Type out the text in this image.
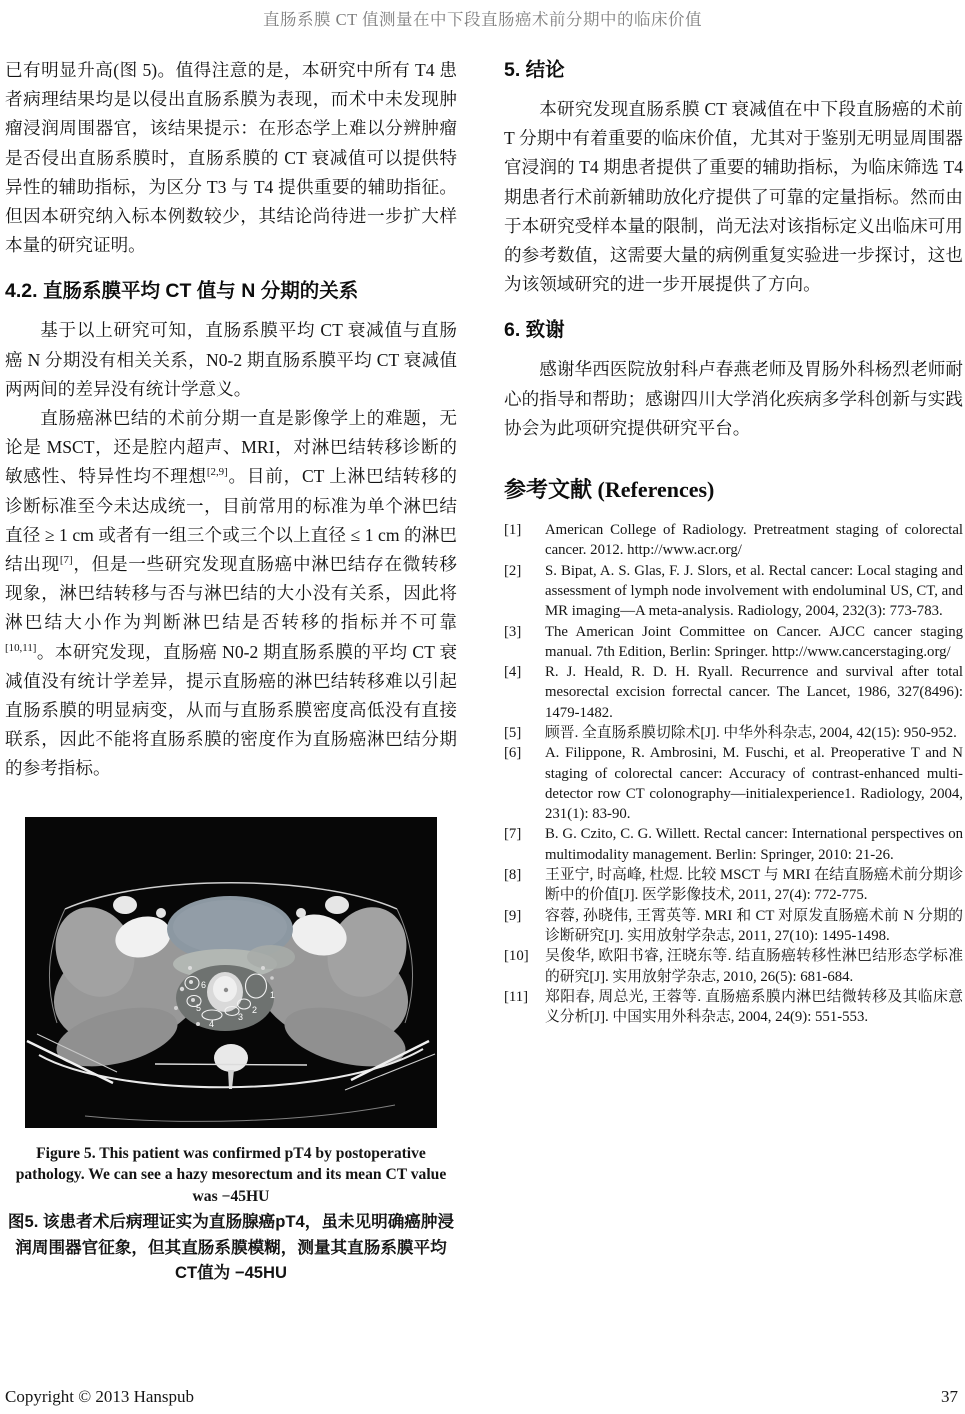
直肠系膜 CT 值测量在中下段直肠癌术前分期中的临床价值

已有明显升高(图 5)。值得注意的是，本研究中所有 T4 患者病理结果均是以侵出直肠系膜为表现，而术中未发现肿瘤浸润周围器官，该结果提示：在形态学上难以分辨肿瘤是否侵出直肠系膜时，直肠系膜的 CT 衰减值可以提供特异性的辅助指标，为区分 T3 与 T4 提供重要的辅助指征。但因本研究纳入标本例数较少，其结论尚待进一步扩大样本量的研究证明。

4.2. 直肠系膜平均 CT 值与 N 分期的关系

基于以上研究可知，直肠系膜平均 CT 衰减值与直肠癌 N 分期没有相关关系，N0-2 期直肠系膜平均 CT 衰减值两两间的差异没有统计学意义。

直肠癌淋巴结的术前分期一直是影像学上的难题，无论是 MSCT，还是腔内超声、MRI，对淋巴结转移诊断的敏感性、特异性均不理想[2,9]。目前，CT 上淋巴结转移的诊断标准至今未达成统一，目前常用的标准为单个淋巴结直径 ≥ 1 cm 或者有一组三个或三个以上直径 ≤ 1 cm 的淋巴结出现[7]，但是一些研究发现直肠癌中淋巴结存在微转移现象，淋巴结转移与否与淋巴结的大小没有关系，因此将淋巴结大小作为判断淋巴结是否转移的指标并不可靠[10,11]。本研究发现，直肠癌 N0-2 期直肠系膜的平均 CT 衰减值没有统计学差异，提示直肠癌的淋巴结转移难以引起直肠系膜的明显病变，从而与直肠系膜密度高低没有直接联系，因此不能将直肠系膜的密度作为直肠癌淋巴结分期的参考指标。

1
2
3
4
5
6
Figure 5. This patient was confirmed pT4 by postoperative pathology. We can see a hazy mesorectum and its mean CT value was −45HU
图5. 该患者术后病理证实为直肠腺癌pT4，虽未见明确癌肿浸润周围器官征象，但其直肠系膜模糊，测量其直肠系膜平均CT值为 −45HU
5. 结论

本研究发现直肠系膜 CT 衰减值在中下段直肠癌的术前 T 分期中有着重要的临床价值，尤其对于鉴别无明显周围器官浸润的 T4 期患者提供了重要的辅助指标，为临床筛选 T4 期患者行术前新辅助放化疗提供了可靠的定量指标。然而由于本研究受样本量的限制，尚无法对该指标定义出临床可用的参考数值，这需要大量的病例重复实验进一步探讨，这也为该领域研究的进一步开展提供了方向。

6. 致谢

感谢华西医院放射科卢春燕老师及胃肠外科杨烈老师耐心的指导和帮助；感谢四川大学消化疾病多学科创新与实践协会为此项研究提供研究平台。

参考文献 (References)
[1]	American College of Radiology. Pretreatment staging of colorectal cancer. 2012. http://www.acr.org/
[2]	S. Bipat, A. S. Glas, F. J. Slors, et al. Rectal cancer: Local staging and assessment of lymph node involvement with endoluminal US, CT, and MR imaging—A meta-analysis. Radiology, 2004, 232(3): 773-783.
[3]	The American Joint Committee on Cancer. AJCC cancer staging manual. 7th Edition, Berlin: Springer. http://www.cancerstaging.org/
[4]	R. J. Heald, R. D. H. Ryall. Recurrence and survival after total mesorectal excision forrectal cancer. The Lancet, 1986, 327(8496): 1479-1482.
[5]	顾晋. 全直肠系膜切除术[J]. 中华外科杂志, 2004, 42(15): 950-952.
[6]	A. Filippone, R. Ambrosini, M. Fuschi, et al. Preoperative T and N staging of colorectal cancer: Accuracy of contrast-enhanced multi-detector row CT colonography—initialexperience1. Radiology, 2004, 231(1): 83-90.
[7]	B. G. Czito, C. G. Willett. Rectal cancer: International perspectives on multimodality management. Berlin: Springer, 2010: 21-26.
[8]	王亚宁, 时高峰, 杜煜. 比较 MSCT 与 MRI 在结直肠癌术前分期诊断中的价值[J]. 医学影像技术, 2011, 27(4): 772-775.
[9]	容蓉, 孙晓伟, 王霄英等. MRI 和 CT 对原发直肠癌术前 N 分期的诊断研究[J]. 实用放射学杂志, 2011, 27(10): 1495-1498.
[10]	吴俊华, 欧阳书睿, 汪晓东等. 结直肠癌转移性淋巴结形态学标准的研究[J]. 实用放射学杂志, 2010, 26(5): 681-684.
[11]	郑阳春, 周总光, 王蓉等. 直肠癌系膜内淋巴结微转移及其临床意义分析[J]. 中国实用外科杂志, 2004, 24(9): 551-553.
Copyright © 2013 Hanspub	37
